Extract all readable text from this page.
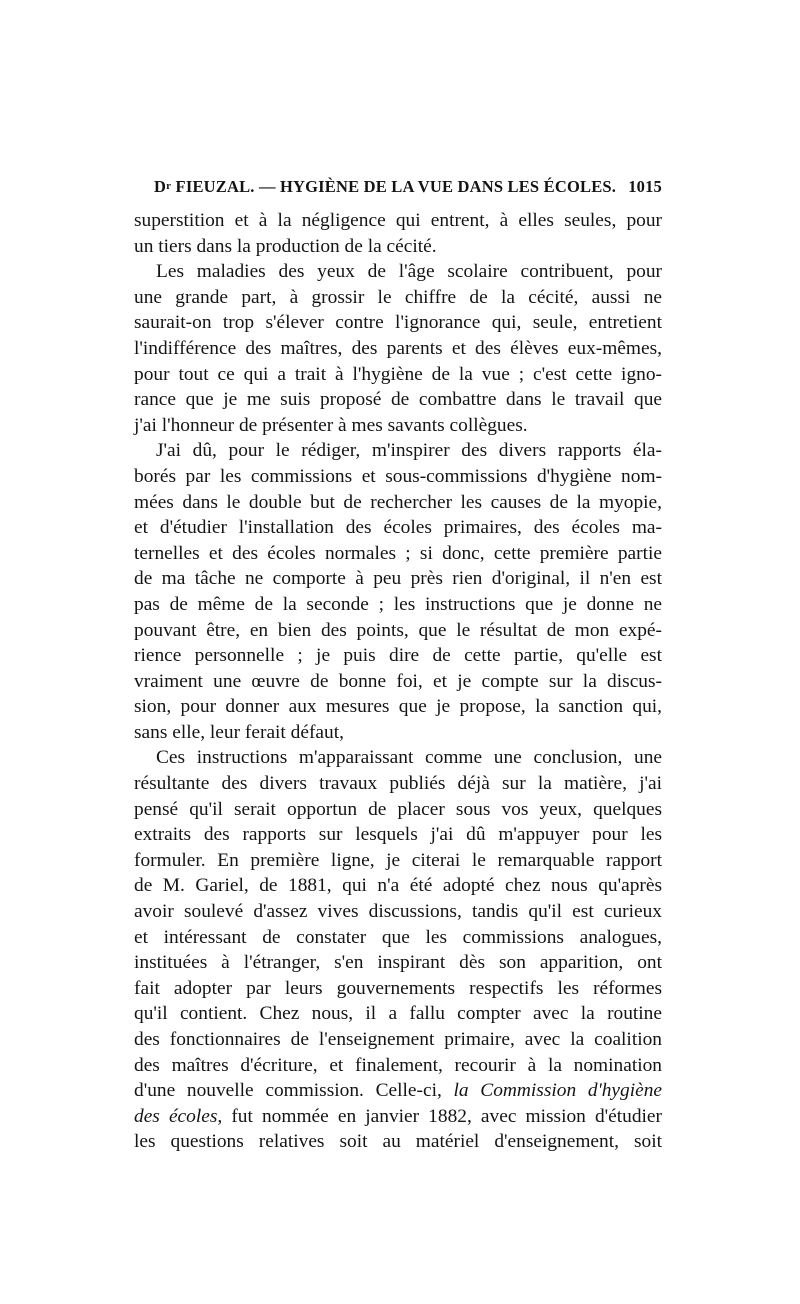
$D^r$ FIEUZAL. — HYGIÈNE DE LA VUE DANS LES ÉCOLES. 1015
superstition et à la négligence qui entrent, à elles seules, pour
un tiers dans la production de la cécité.
Les maladies des yeux de l'âge scolaire contribuent, pour
une grande part, à grossir le chiffre de la cécité, aussi ne
saurait-on trop s'élever contre l'ignorance qui, seule, entretient
l'indifférence des maîtres, des parents et des élèves eux-mêmes,
pour tout ce qui a trait à l'hygiène de la vue ; c'est cette igno-
rance que je me suis proposé de combattre dans le travail que
j'ai l'honneur de présenter à mes savants collègues.
J'ai dû, pour le rédiger, m'inspirer des divers rapports éla-
borés par les commissions et sous-commissions d'hygiène nom-
mées dans le double but de rechercher les causes de la myopie,
et d'étudier l'installation des écoles primaires, des écoles ma-
ternelles et des écoles normales ; si donc, cette première partie
de ma tâche ne comporte à peu près rien d'original, il n'en est
pas de même de la seconde ; les instructions que je donne ne
pouvant être, en bien des points, que le résultat de mon expé-
rience personnelle ; je puis dire de cette partie, qu'elle est
vraiment une œuvre de bonne foi, et je compte sur la discus-
sion, pour donner aux mesures que je propose, la sanction qui,
sans elle, leur ferait défaut,
Ces instructions m'apparaissant comme une conclusion, une
résultante des divers travaux publiés déjà sur la matière, j'ai
pensé qu'il serait opportun de placer sous vos yeux, quelques
extraits des rapports sur lesquels j'ai dû m'appuyer pour les
formuler. En première ligne, je citerai le remarquable rapport
de M. Gariel, de 1881, qui n'a été adopté chez nous qu'après
avoir soulevé d'assez vives discussions, tandis qu'il est curieux
et intéressant de constater que les commissions analogues,
instituées à l'étranger, s'en inspirant dès son apparition, ont
fait adopter par leurs gouvernements respectifs les réformes
qu'il contient. Chez nous, il a fallu compter avec la routine
des fonctionnaires de l'enseignement primaire, avec la coalition
des maîtres d'écriture, et finalement, recourir à la nomination
d'une nouvelle commission. Celle-ci, la Commission d'hygiène
des écoles, fut nommée en janvier 1882, avec mission d'étudier
les questions relatives soit au matériel d'enseignement, soit
